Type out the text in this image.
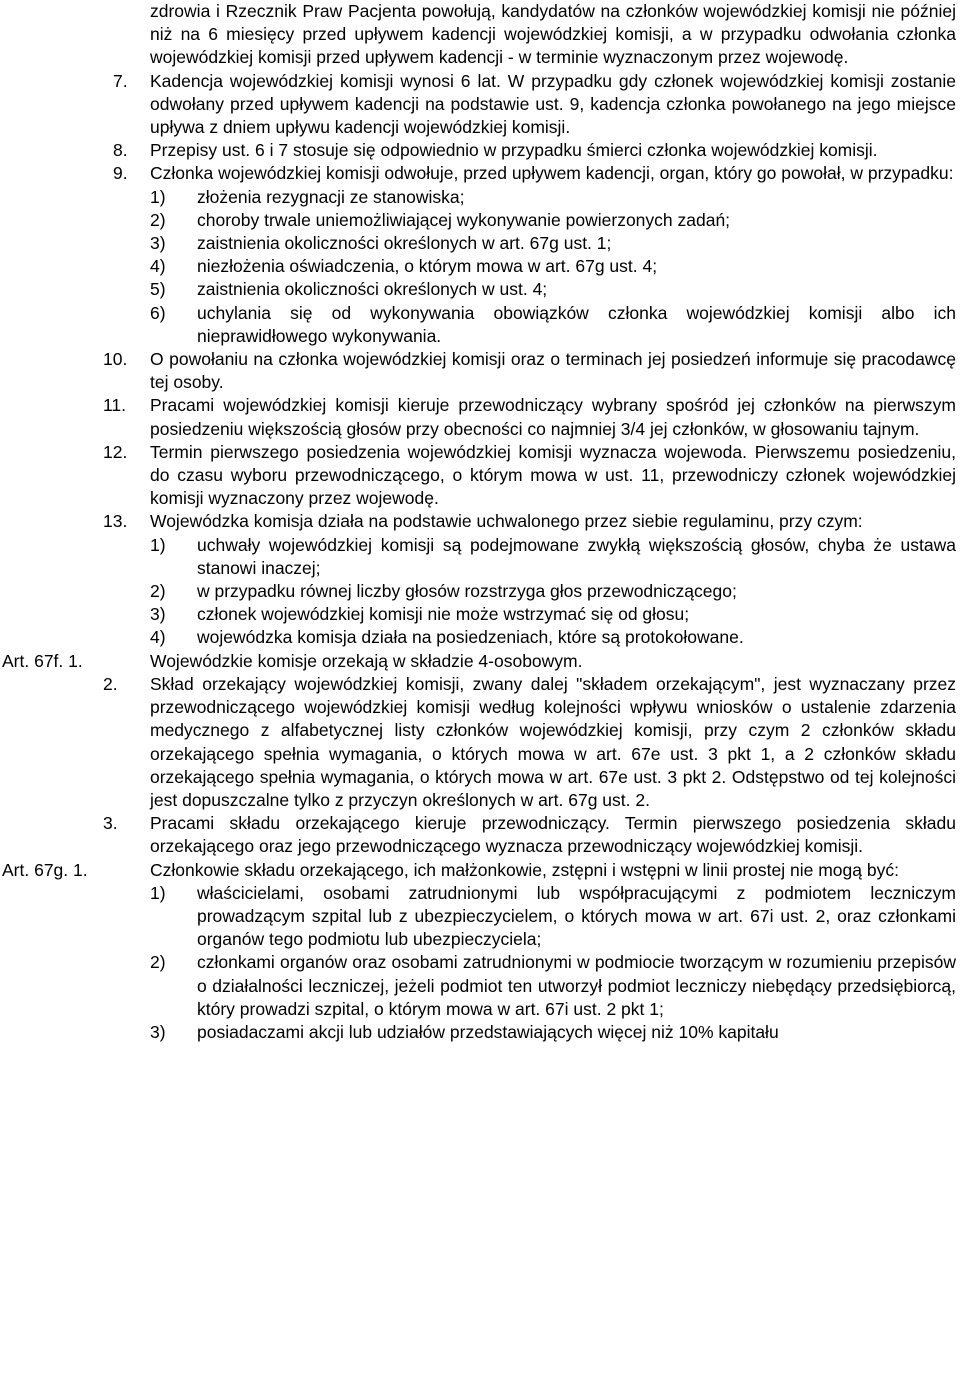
zdrowia i Rzecznik Praw Pacjenta powołują, kandydatów na członków wojewódzkiej komisji nie później niż na 6 miesięcy przed upływem kadencji wojewódzkiej komisji, a w przypadku odwołania członka wojewódzkiej komisji przed upływem kadencji - w terminie wyznaczonym przez wojewodę.
7. Kadencja wojewódzkiej komisji wynosi 6 lat. W przypadku gdy członek wojewódzkiej komisji zostanie odwołany przed upływem kadencji na podstawie ust. 9, kadencja członka powołanego na jego miejsce upływa z dniem upływu kadencji wojewódzkiej komisji.
8. Przepisy ust. 6 i 7 stosuje się odpowiednio w przypadku śmierci członka wojewódzkiej komisji.
9. Członka wojewódzkiej komisji odwołuje, przed upływem kadencji, organ, który go powołał, w przypadku:
1) złożenia rezygnacji ze stanowiska;
2) choroby trwale uniemożliwiającej wykonywanie powierzonych zadań;
3) zaistnienia okoliczności określonych w art. 67g ust. 1;
4) niezłożenia oświadczenia, o którym mowa w art. 67g ust. 4;
5) zaistnienia okoliczności określonych w ust. 4;
6) uchylania się od wykonywania obowiązków członka wojewódzkiej komisji albo ich nieprawidłowego wykonywania.
10. O powołaniu na członka wojewódzkiej komisji oraz o terminach jej posiedzeń informuje się pracodawcę tej osoby.
11. Pracami wojewódzkiej komisji kieruje przewodniczący wybrany spośród jej członków na pierwszym posiedzeniu większością głosów przy obecności co najmniej 3/4 jej członków, w głosowaniu tajnym.
12. Termin pierwszego posiedzenia wojewódzkiej komisji wyznacza wojewoda. Pierwszemu posiedzeniu, do czasu wyboru przewodniczącego, o którym mowa w ust. 11, przewodniczy członek wojewódzkiej komisji wyznaczony przez wojewodę.
13. Wojewódzka komisja działa na podstawie uchwalonego przez siebie regulaminu, przy czym:
1) uchwały wojewódzkiej komisji są podejmowane zwykłą większością głosów, chyba że ustawa stanowi inaczej;
2) w przypadku równej liczby głosów rozstrzyga głos przewodniczącego;
3) członek wojewódzkiej komisji nie może wstrzymać się od głosu;
4) wojewódzka komisja działa na posiedzeniach, które są protokołowane.
Art. 67f. 1.	Wojewódzkie komisje orzekają w składzie 4-osobowym.
2. Skład orzekający wojewódzkiej komisji, zwany dalej "składem orzekającym", jest wyznaczany przez przewodniczącego wojewódzkiej komisji według kolejności wpływu wniosków o ustalenie zdarzenia medycznego z alfabetycznej listy członków wojewódzkiej komisji, przy czym 2 członków składu orzekającego spełnia wymagania, o których mowa w art. 67e ust. 3 pkt 1, a 2 członków składu orzekającego spełnia wymagania, o których mowa w art. 67e ust. 3 pkt 2. Odstępstwo od tej kolejności jest dopuszczalne tylko z przyczyn określonych w art. 67g ust. 2.
3. Pracami składu orzekającego kieruje przewodniczący. Termin pierwszego posiedzenia składu orzekającego oraz jego przewodniczącego wyznacza przewodniczący wojewódzkiej komisji.
Art. 67g. 1.	Członkowie składu orzekającego, ich małżonkowie, zstępni i wstępni w linii prostej nie mogą być:
1) właścicielami, osobami zatrudnionymi lub współpracującymi z podmiotem leczniczym prowadzącym szpital lub z ubezpieczycielem, o których mowa w art. 67i ust. 2, oraz członkami organów tego podmiotu lub ubezpieczyciela;
2) członkami organów oraz osobami zatrudnionymi w podmiocie tworzącym w rozumieniu przepisów o działalności leczniczej, jeżeli podmiot ten utworzył podmiot leczniczy niebędący przedsiębiorcą, który prowadzi szpital, o którym mowa w art. 67i ust. 2 pkt 1;
3) posiadaczami akcji lub udziałów przedstawiających więcej niż 10% kapitału
